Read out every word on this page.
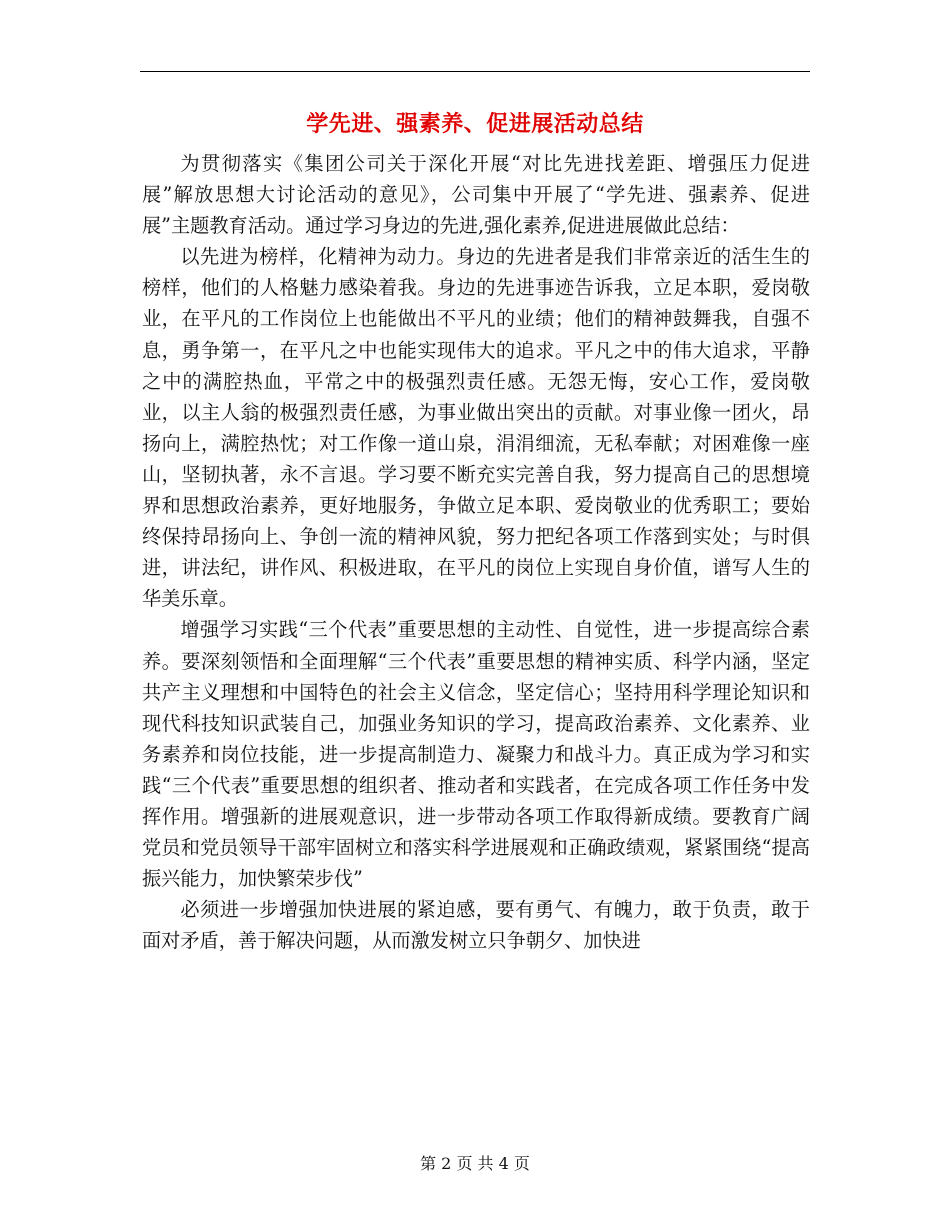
学先进、强素养、促进展活动总结

为贯彻落实《集团公司关于深化开展“对比先进找差距、增强压力促进展”解放思想大讨论活动的意见》，公司集中开展了“学先进、强素养、促进展”主题教育活动。通过学习身边的先进,强化素养,促进进展做此总结：

以先进为榜样，化精神为动力。身边的先进者是我们非常亲近的活生生的榜样，他们的人格魅力感染着我。身边的先进事迹告诉我，立足本职，爱岗敬业，在平凡的工作岗位上也能做出不平凡的业绩；他们的精神鼓舞我，自强不息，勇争第一，在平凡之中也能实现伟大的追求。平凡之中的伟大追求，平静之中的满腔热血，平常之中的极强烈责任感。无怨无悔，安心工作，爱岗敬业，以主人翁的极强烈责任感，为事业做出突出的贡献。对事业像一团火，昂扬向上，满腔热忱；对工作像一道山泉，涓涓细流，无私奉献；对困难像一座山，坚韧执著，永不言退。学习要不断充实完善自我，努力提高自己的思想境界和思想政治素养，更好地服务，争做立足本职、爱岗敬业的优秀职工；要始终保持昂扬向上、争创一流的精神风貌，努力把纪各项工作落到实处；与时俱进，讲法纪，讲作风、积极进取，在平凡的岗位上实现自身价值，谱写人生的华美乐章。

增强学习实践“三个代表”重要思想的主动性、自觉性，进一步提高综合素养。要深刻领悟和全面理解“三个代表”重要思想的精神实质、科学内涵，坚定共产主义理想和中国特色的社会主义信念，坚定信心；坚持用科学理论知识和现代科技知识武装自己，加强业务知识的学习，提高政治素养、文化素养、业务素养和岗位技能，进一步提高制造力、凝聚力和战斗力。真正成为学习和实践“三个代表”重要思想的组织者、推动者和实践者，在完成各项工作任务中发挥作用。增强新的进展观意识，进一步带动各项工作取得新成绩。要教育广阔党员和党员领导干部牢固树立和落实科学进展观和正确政绩观，紧紧围绕“提高振兴能力，加快繁荣步伐”

必须进一步增强加快进展的紧迫感，要有勇气、有魄力，敢于负责，敢于面对矛盾，善于解决问题，从而激发树立只争朝夕、加快进

第 2 页 共 4 页
